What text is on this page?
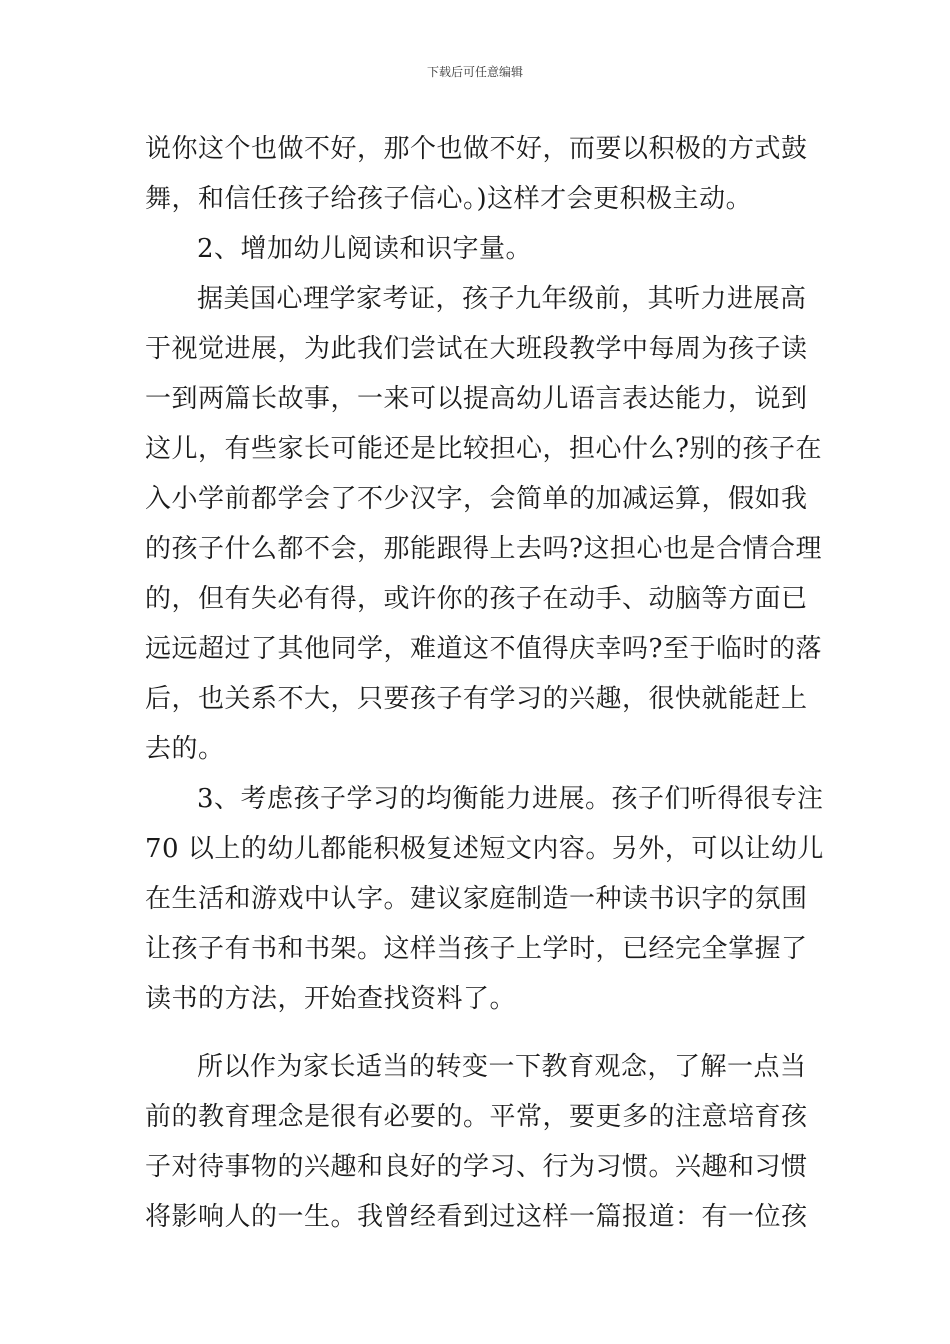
下载后可任意编辑
说你这个也做不好，那个也做不好，而要以积极的方式鼓
舞，和信任孩子给孩子信心。)这样才会更积极主动。
2、增加幼儿阅读和识字量。
据美国心理学家考证，孩子九年级前，其听力进展高
于视觉进展，为此我们尝试在大班段教学中每周为孩子读
一到两篇长故事，一来可以提高幼儿语言表达能力，说到
这儿，有些家长可能还是比较担心，担心什么?别的孩子在
入小学前都学会了不少汉字，会简单的加减运算，假如我
的孩子什么都不会，那能跟得上去吗?这担心也是合情合理
的，但有失必有得，或许你的孩子在动手、动脑等方面已
远远超过了其他同学，难道这不值得庆幸吗?至于临时的落
后，也关系不大，只要孩子有学习的兴趣，很快就能赶上
去的。
3、考虑孩子学习的均衡能力进展。孩子们听得很专注
70 以上的幼儿都能积极复述短文内容。另外，可以让幼儿
在生活和游戏中认字。建议家庭制造一种读书识字的氛围
让孩子有书和书架。这样当孩子上学时，已经完全掌握了
读书的方法，开始查找资料了。
所以作为家长适当的转变一下教育观念，了解一点当
前的教育理念是很有必要的。平常，要更多的注意培育孩
子对待事物的兴趣和良好的学习、行为习惯。兴趣和习惯
将影响人的一生。我曾经看到过这样一篇报道：有一位孩
